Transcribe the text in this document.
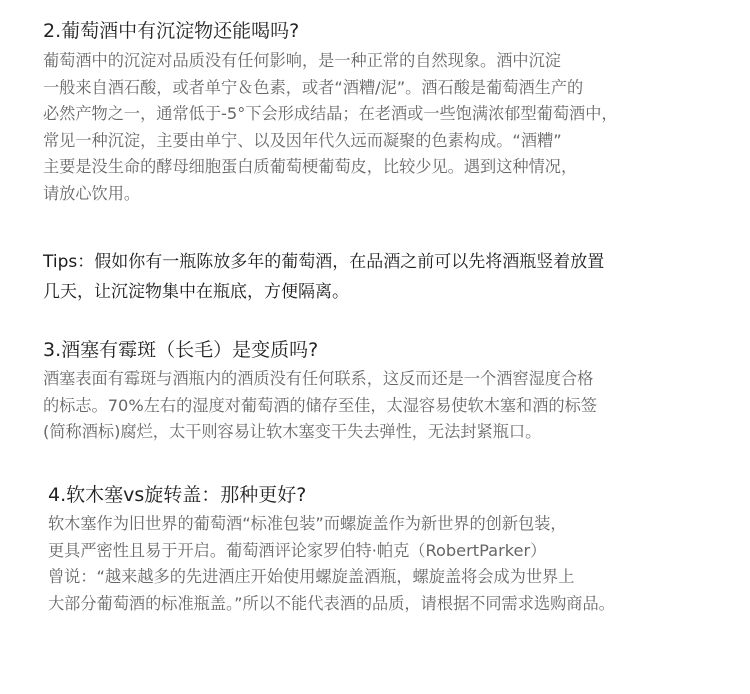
2.葡萄酒中有沉淀物还能喝吗?
葡萄酒中的沉淀对品质没有任何影响，是一种正常的自然现象。酒中沉淀
一般来自酒石酸，或者单宁＆色素，或者“酒糟/泥”。酒石酸是葡萄酒生产的
必然产物之一，通常低于-5°下会形成结晶；在老酒或一些饱满浓郁型葡萄酒中，
常见一种沉淀，主要由单宁、以及因年代久远而凝聚的色素构成。“酒糟”
主要是没生命的酵母细胞蛋白质葡萄梗葡萄皮，比较少见。遇到这种情况，
请放心饮用。
Tips：假如你有一瓶陈放多年的葡萄酒，在品酒之前可以先将酒瓶竖着放置
几天，让沉淀物集中在瓶底，方便隔离。
3.酒塞有霉斑（长毛）是变质吗?
酒塞表面有霉斑与酒瓶内的酒质没有任何联系，这反而还是一个酒窖湿度合格
的标志。70%左右的湿度对葡萄酒的储存至佳，太湿容易使软木塞和酒的标签
(简称酒标)腐烂，太干则容易让软木塞变干失去弹性，无法封紧瓶口。
4.软木塞vs旋转盖：那种更好?
软木塞作为旧世界的葡萄酒“标准包装”而螺旋盖作为新世界的创新包装，
更具严密性且易于开启。葡萄酒评论家罗伯特·帕克（RobertParker）
曾说：“越来越多的先进酒庄开始使用螺旋盖酒瓶，螺旋盖将会成为世界上
大部分葡萄酒的标准瓶盖。”所以不能代表酒的品质，请根据不同需求选购商品。
